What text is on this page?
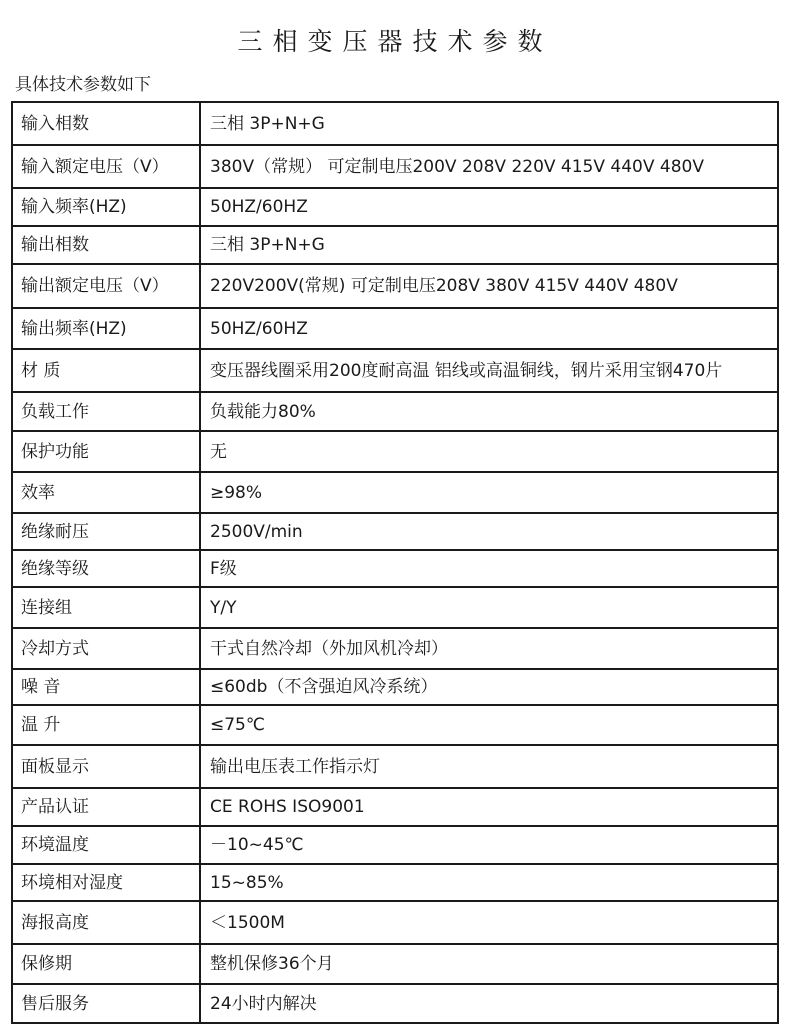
三相变压器技术参数
具体技术参数如下
输入相数	三相 3P+N+G
输入额定电压（V）	380V（常规） 可定制电压200V 208V 220V 415V 440V 480V
输入频率(HZ)	50HZ/60HZ
输出相数	三相 3P+N+G
输出额定电压（V）	220V200V(常规) 可定制电压208V 380V 415V 440V 480V
输出频率(HZ)	50HZ/60HZ
材 质	变压器线圈采用200度耐高温 铝线或高温铜线，钢片采用宝钢470片
负载工作	负载能力80%
保护功能	无
效率	≥98%
绝缘耐压	2500V/min
绝缘等级	F级
连接组	Y/Y
冷却方式	干式自然冷却（外加风机冷却）
噪 音	≤60db（不含强迫风冷系统）
温 升	≤75℃
面板显示	输出电压表工作指示灯
产品认证	CE ROHS ISO9001
环境温度	－10~45℃
环境相对湿度	15~85%
海报高度	＜1500M
保修期	整机保修36个月
售后服务	24小时内解决
